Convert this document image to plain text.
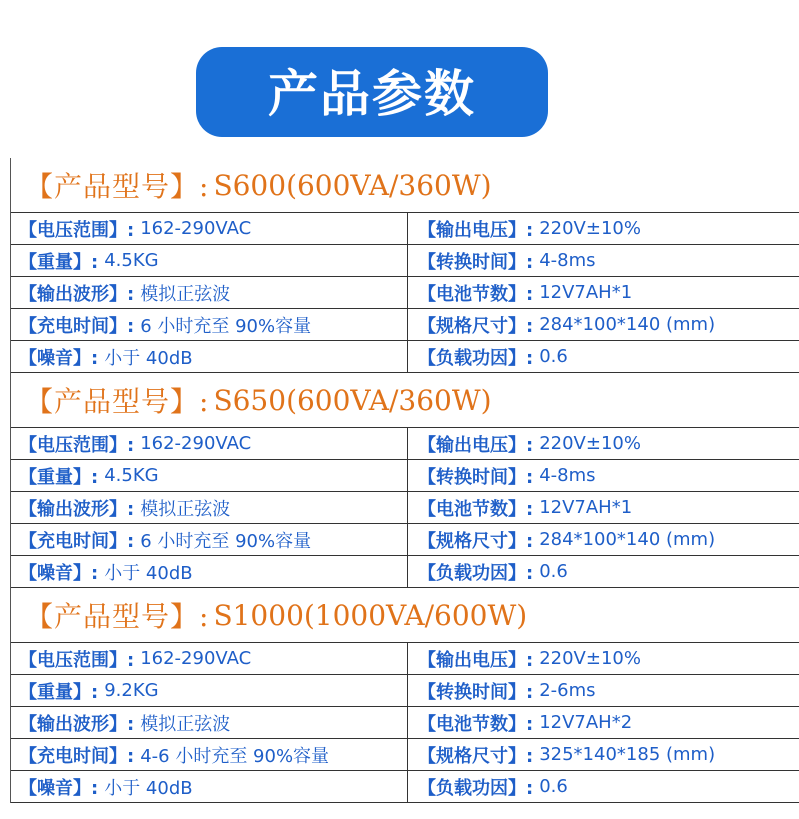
产品参数
【产品型号】: S600(600VA/360W)
【电压范围】: 162-290VAC	【输出电压】: 220V±10%
【重量】: 4.5KG	【转换时间】: 4-8ms
【输出波形】: 模拟正弦波	【电池节数】: 12V7AH*1
【充电时间】: 6 小时充至 90%容量	【规格尺寸】: 284*100*140 (mm)
【噪音】: 小于 40dB	【负载功因】: 0.6
【产品型号】: S650(600VA/360W)
【电压范围】: 162-290VAC	【输出电压】: 220V±10%
【重量】: 4.5KG	【转换时间】: 4-8ms
【输出波形】: 模拟正弦波	【电池节数】: 12V7AH*1
【充电时间】: 6 小时充至 90%容量	【规格尺寸】: 284*100*140 (mm)
【噪音】: 小于 40dB	【负载功因】: 0.6
【产品型号】: S1000(1000VA/600W)
【电压范围】: 162-290VAC	【输出电压】: 220V±10%
【重量】: 9.2KG	【转换时间】: 2-6ms
【输出波形】: 模拟正弦波	【电池节数】: 12V7AH*2
【充电时间】: 4-6 小时充至 90%容量	【规格尺寸】: 325*140*185 (mm)
【噪音】: 小于 40dB	【负载功因】: 0.6
